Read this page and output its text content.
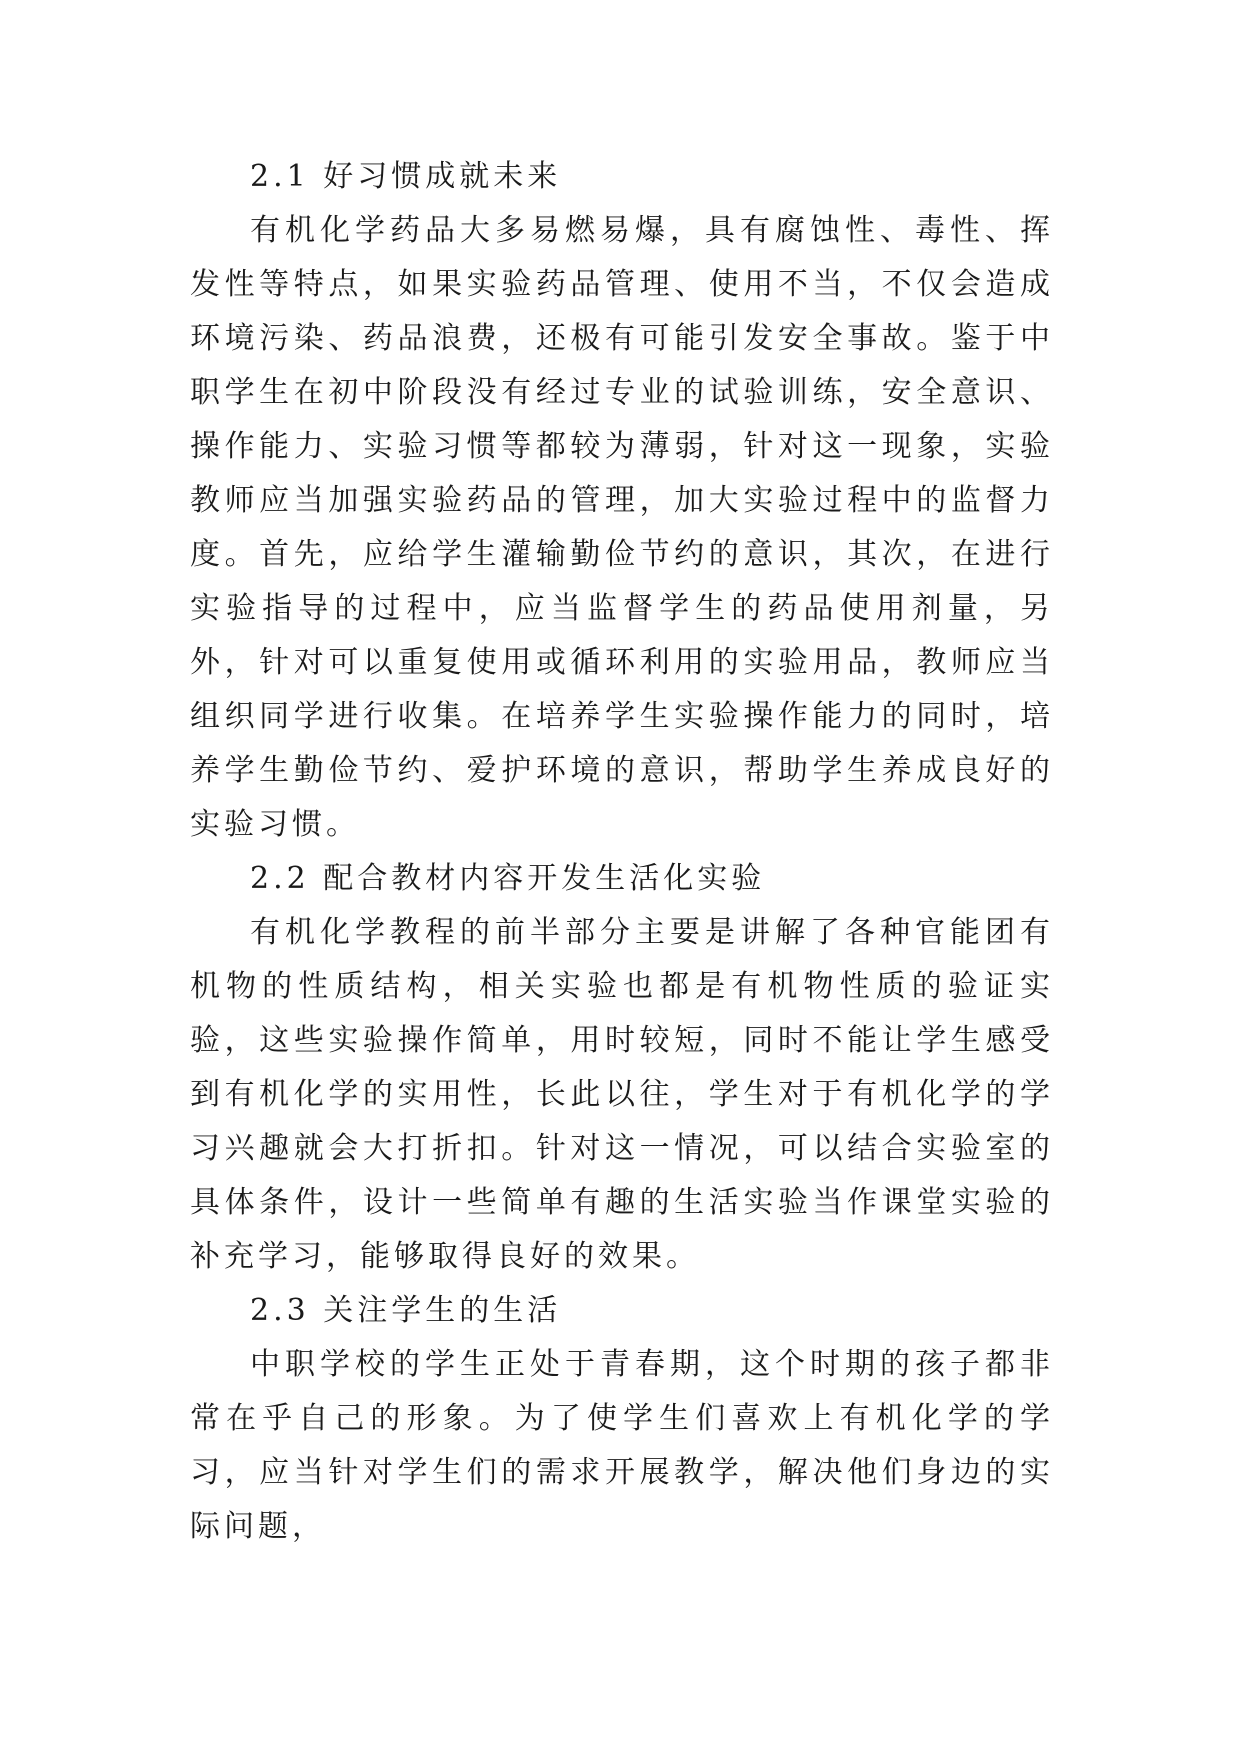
2.1 好习惯成就未来

有机化学药品大多易燃易爆，具有腐蚀性、毒性、挥发性等特点，如果实验药品管理、使用不当，不仅会造成环境污染、药品浪费，还极有可能引发安全事故。鉴于中职学生在初中阶段没有经过专业的试验训练，安全意识、操作能力、实验习惯等都较为薄弱，针对这一现象，实验教师应当加强实验药品的管理，加大实验过程中的监督力度。首先，应给学生灌输勤俭节约的意识，其次，在进行实验指导的过程中，应当监督学生的药品使用剂量，另外，针对可以重复使用或循环利用的实验用品，教师应当组织同学进行收集。在培养学生实验操作能力的同时，培养学生勤俭节约、爱护环境的意识，帮助学生养成良好的实验习惯。

2.2 配合教材内容开发生活化实验

有机化学教程的前半部分主要是讲解了各种官能团有机物的性质结构，相关实验也都是有机物性质的验证实验，这些实验操作简单，用时较短，同时不能让学生感受到有机化学的实用性，长此以往，学生对于有机化学的学习兴趣就会大打折扣。针对这一情况，可以结合实验室的具体条件，设计一些简单有趣的生活实验当作课堂实验的补充学习，能够取得良好的效果。

2.3 关注学生的生活

中职学校的学生正处于青春期，这个时期的孩子都非常在乎自己的形象。为了使学生们喜欢上有机化学的学习，应当针对学生们的需求开展教学，解决他们身边的实际问题，
